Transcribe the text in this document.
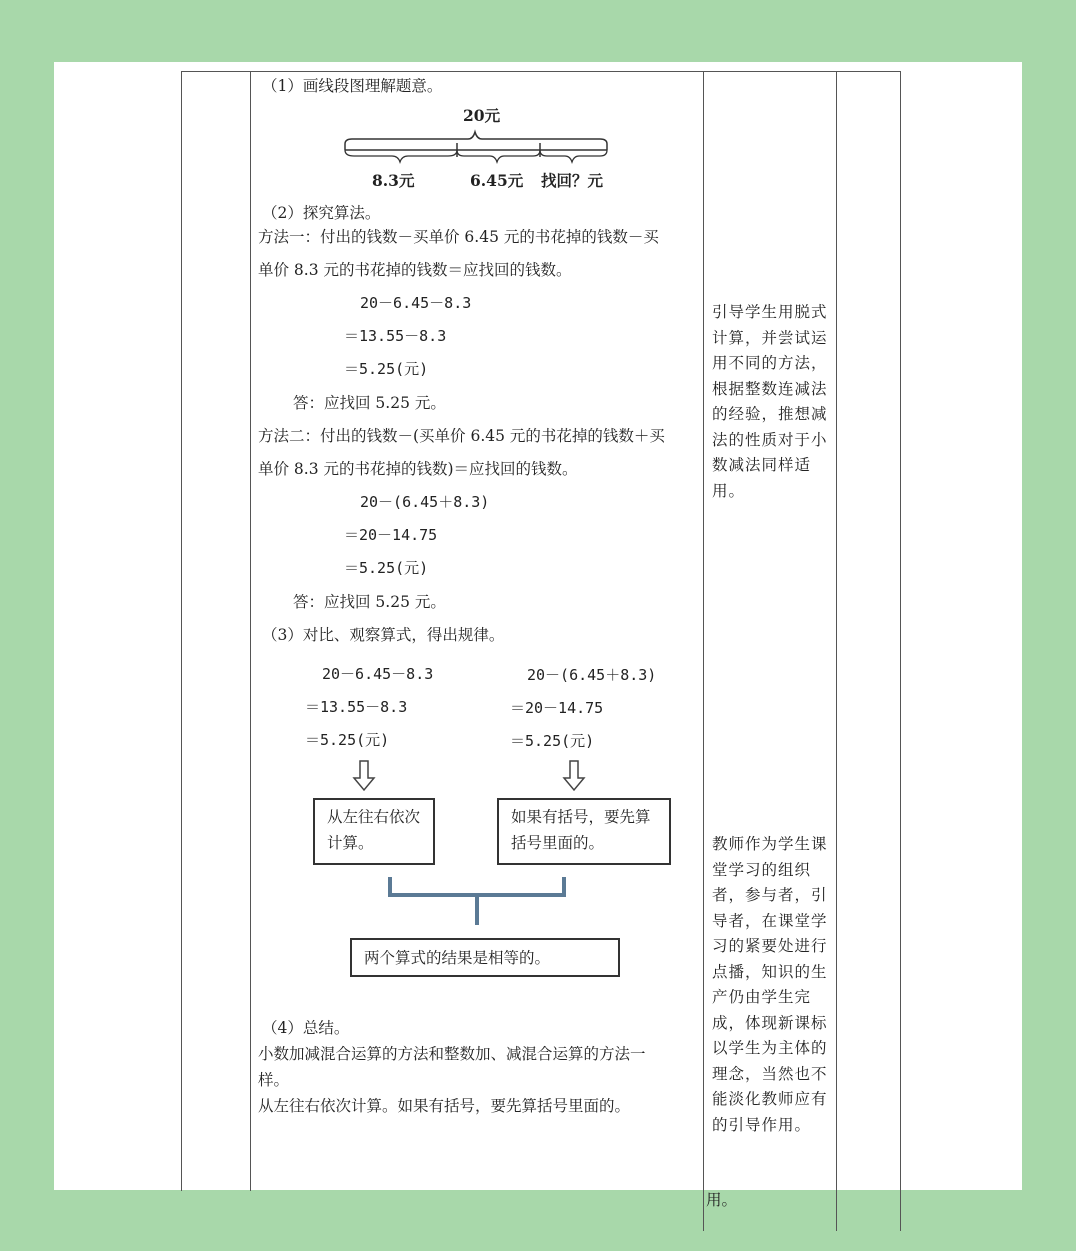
（1）画线段图理解题意。
20元
8.3元	6.45元 找回？元
（2）探究算法。
方法一：付出的钱数－买单价 6.45 元的书花掉的钱数－买
单价 8.3 元的书花掉的钱数＝应找回的钱数。
20－6.45－8.3
＝13.55－8.3
＝5.25(元)
答：应找回 5.25 元。
方法二：付出的钱数－(买单价 6.45 元的书花掉的钱数＋买
单价 8.3 元的书花掉的钱数)＝应找回的钱数。
20－(6.45＋8.3)
＝20－14.75
＝5.25(元)
答：应找回 5.25 元。
（3）对比、观察算式，得出规律。
20－6.45－8.3
＝13.55－8.3
＝5.25(元)
20－(6.45＋8.3)
＝20－14.75
＝5.25(元)
从左往右依次计算。
如果有括号，要先算括号里面的。
两个算式的结果是相等的。
（4）总结。
小数加减混合运算的方法和整数加、减混合运算的方法一
样。
从左往右依次计算。如果有括号，要先算括号里面的。
引导学生用脱式计算，并尝试运用不同的方法，根据整数连减法的经验，推想减法的性质对于小数减法同样适用。
教师作为学生课堂学习的组织者，参与者，引导者，在课堂学习的紧要处进行点播，知识的生产仍由学生完成，体现新课标以学生为主体的理念，当然也不能淡化教师应有的引导作用。
用。
